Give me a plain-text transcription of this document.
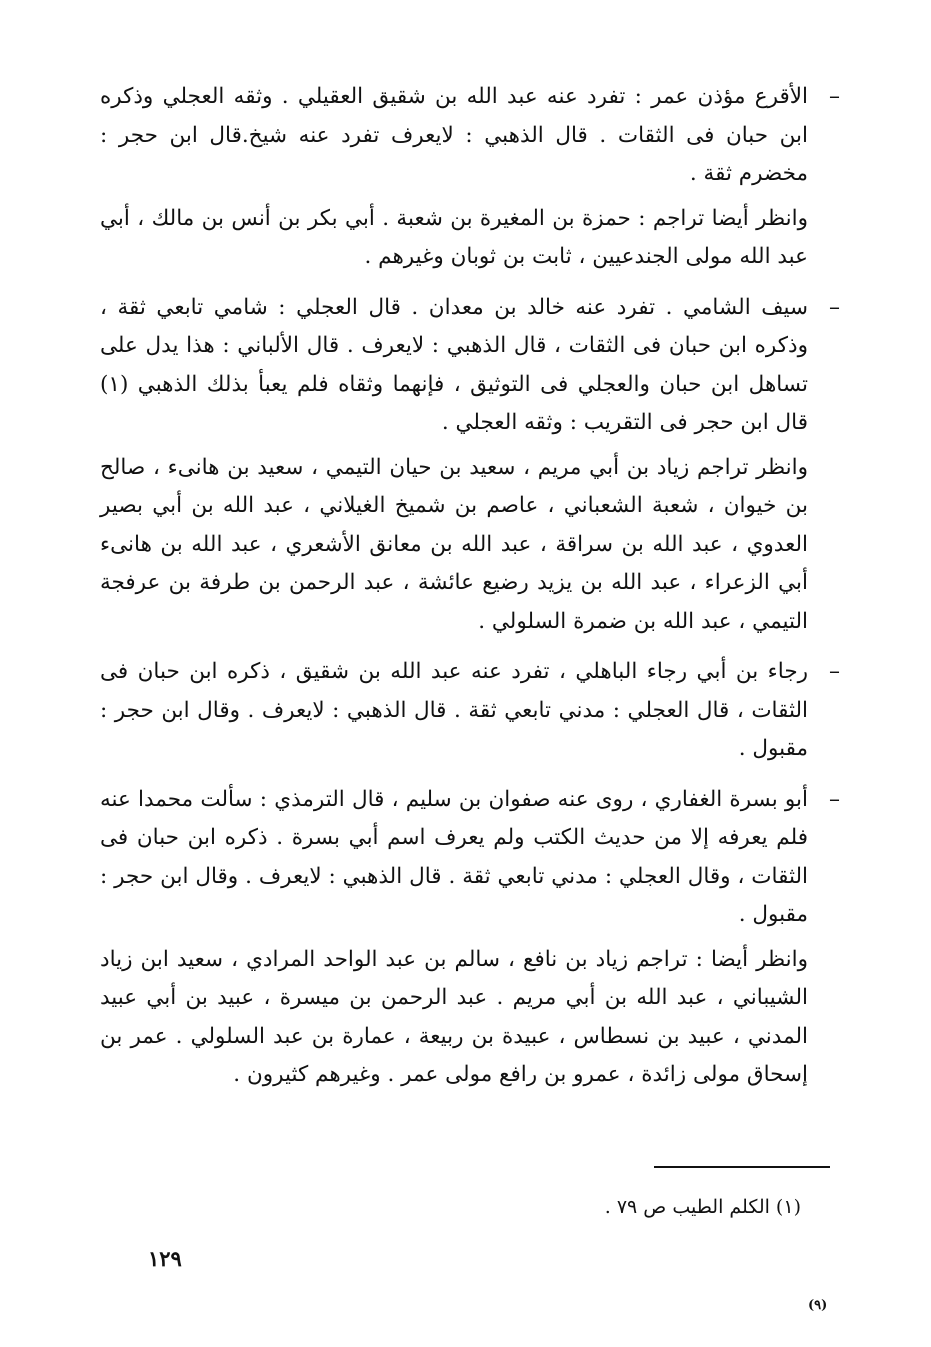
–

الأقرع مؤذن عمر : تفرد عنه عبد الله بن شقيق العقيلي . وثقه العجلي وذكره ابن حبان فى الثقات . قال الذهبي : لايعرف تفرد عنه شيخ.قال ابن حجر : مخضرم ثقة .

وانظر أيضا تراجم : حمزة بن المغيرة بن شعبة . أبي بكر بن أنس بن مالك ، أبي عبد الله مولى الجندعيين ، ثابت بن ثوبان وغيرهم .

–

سيف الشامي . تفرد عنه خالد بن معدان . قال العجلي : شامي تابعي ثقة ، وذكره ابن حبان فى الثقات ، قال الذهبي : لايعرف . قال الألباني : هذا يدل على تساهل ابن حبان والعجلي فى التوثيق ، فإنهما وثقاه فلم يعبأ بذلك الذهبي (١) قال ابن حجر فى التقريب : وثقه العجلي .

وانظر تراجم زياد بن أبي مريم ، سعيد بن حيان التيمي ، سعيد بن هانىء ، صالح بن خيوان ، شعبة الشعباني ، عاصم بن شميخ الغيلاني ، عبد الله بن أبي بصير العدوي ، عبد الله بن سراقة ، عبد الله بن معانق الأشعري ، عبد الله بن هانىء أبي الزعراء ، عبد الله بن يزيد رضيع عائشة ، عبد الرحمن بن طرفة بن عرفجة التيمي ، عبد الله بن ضمرة السلولي .

–

رجاء بن أبي رجاء الباهلي ، تفرد عنه عبد الله بن شقيق ، ذكره ابن حبان فى الثقات ، قال العجلي : مدني تابعي ثقة . قال الذهبي : لايعرف . وقال ابن حجر : مقبول .

–

أبو بسرة الغفاري ، روى عنه صفوان بن سليم ، قال الترمذي : سألت محمدا عنه فلم يعرفه إلا من حديث الكتب ولم يعرف اسم أبي بسرة . ذكره ابن حبان فى الثقات ، وقال العجلي : مدني تابعي ثقة . قال الذهبي : لايعرف . وقال ابن حجر : مقبول .

وانظر أيضا : تراجم زياد بن نافع ، سالم بن عبد الواحد المرادي ، سعيد ابن زياد الشيباني ، عبد الله بن أبي مريم . عبد الرحمن بن ميسرة ، عبيد بن أبي عبيد المدني ، عبيد بن نسطاس ، عبيدة بن ربيعة ، عمارة بن عبد السلولي . عمر بن إسحاق مولى زائدة ، عمرو بن رافع مولى عمر . وغيرهم كثيرون .

(١) الكلم الطيب ص ٧٩ .
١٢٩
(٩)
